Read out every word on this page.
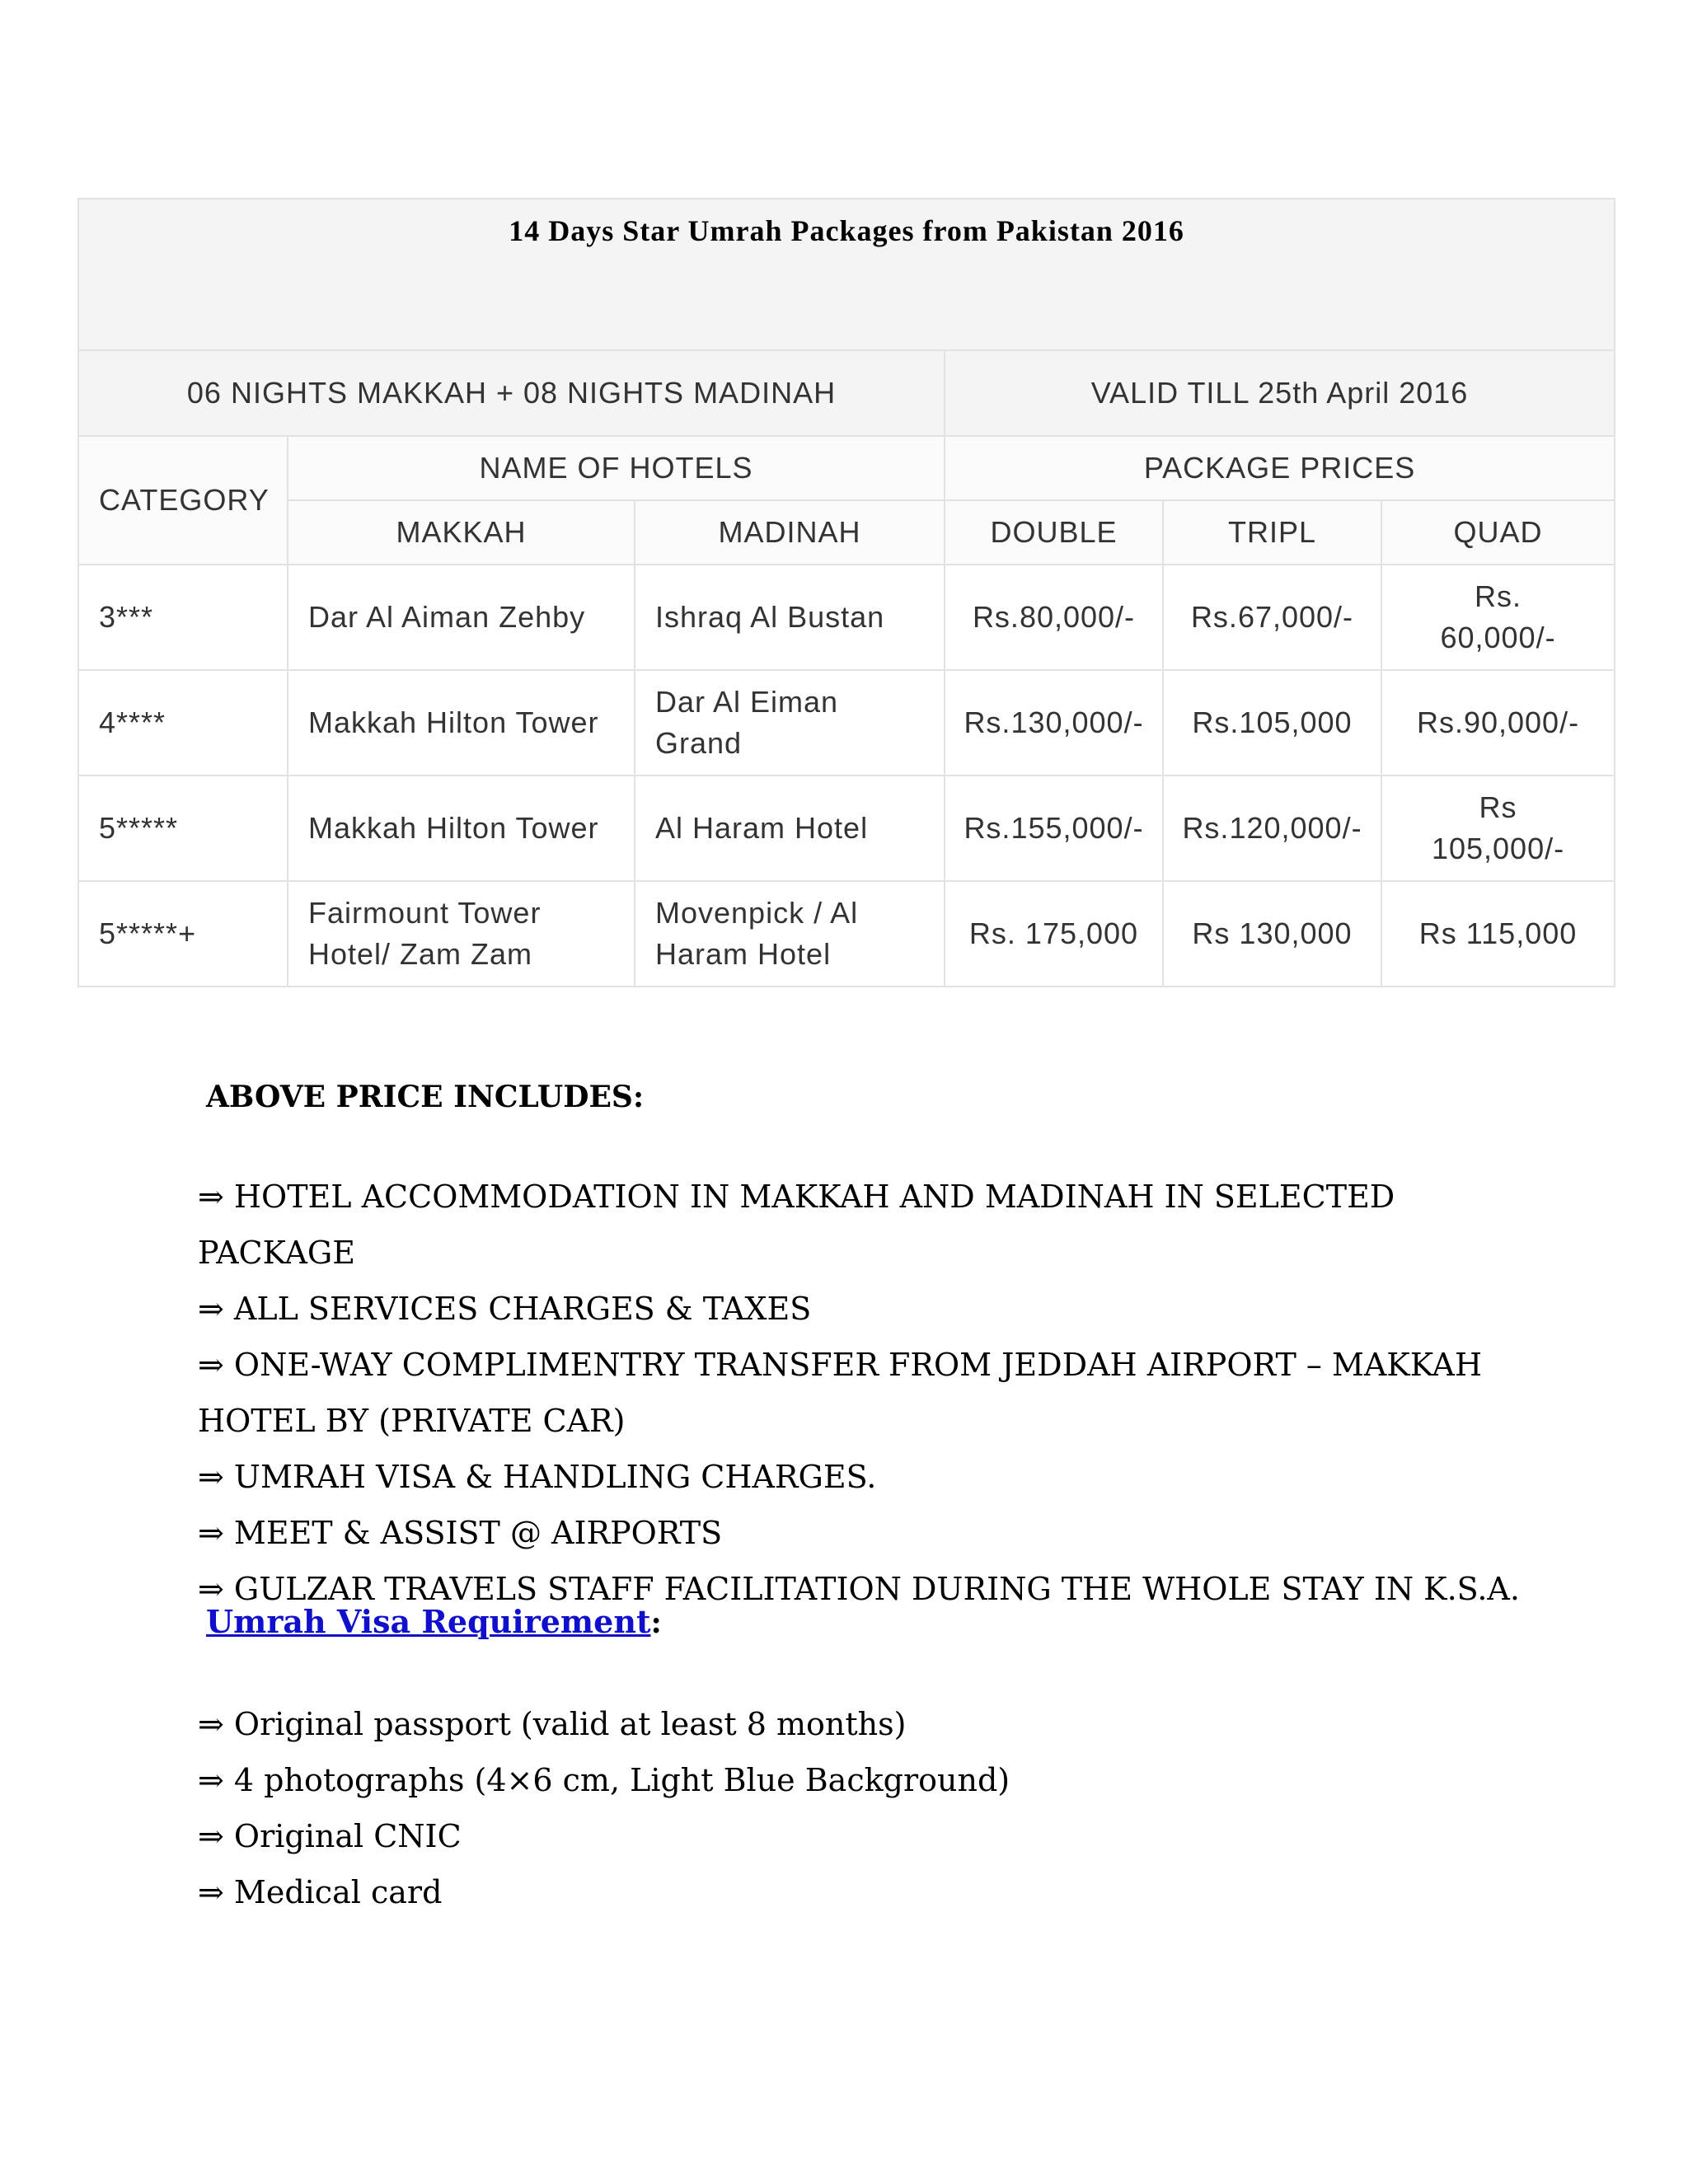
14 Days Star Umrah Packages from Pakistan 2016					
06 NIGHTS MAKKAH + 08 NIGHTS MADINAH			VALID TILL 25th April 2016		
CATEGORY	NAME OF HOTELS		PACKAGE PRICES		
	MAKKAH	MADINAH	DOUBLE	TRIPL	QUAD
3***	Dar Al Aiman Zehby	Ishraq Al Bustan	Rs.80,000/-	Rs.67,000/-	Rs. 60,000/-
4****	Makkah Hilton Tower	Dar Al Eiman Grand	Rs.130,000/-	Rs.105,000	Rs.90,000/-
5*****	Makkah Hilton Tower	Al Haram Hotel	Rs.155,000/-	Rs.120,000/-	Rs 105,000/-
5*****+	Fairmount Tower Hotel/ Zam Zam	Movenpick / Al Haram Hotel	Rs. 175,000	Rs 130,000	Rs 115,000
ABOVE PRICE INCLUDES:
⇒ HOTEL ACCOMMODATION IN MAKKAH AND MADINAH IN SELECTED PACKAGE
⇒ ALL SERVICES CHARGES & TAXES
⇒ ONE-WAY COMPLIMENTRY TRANSFER FROM JEDDAH AIRPORT – MAKKAH HOTEL BY (PRIVATE CAR)
⇒ UMRAH VISA & HANDLING CHARGES.
⇒ MEET & ASSIST @ AIRPORTS
⇒ GULZAR TRAVELS STAFF FACILITATION DURING THE WHOLE STAY IN K.S.A.
Umrah Visa Requirement:
⇒ Original passport (valid at least 8 months)
⇒ 4 photographs (4×6 cm, Light Blue Background)
⇒ Original CNIC
⇒ Medical card
